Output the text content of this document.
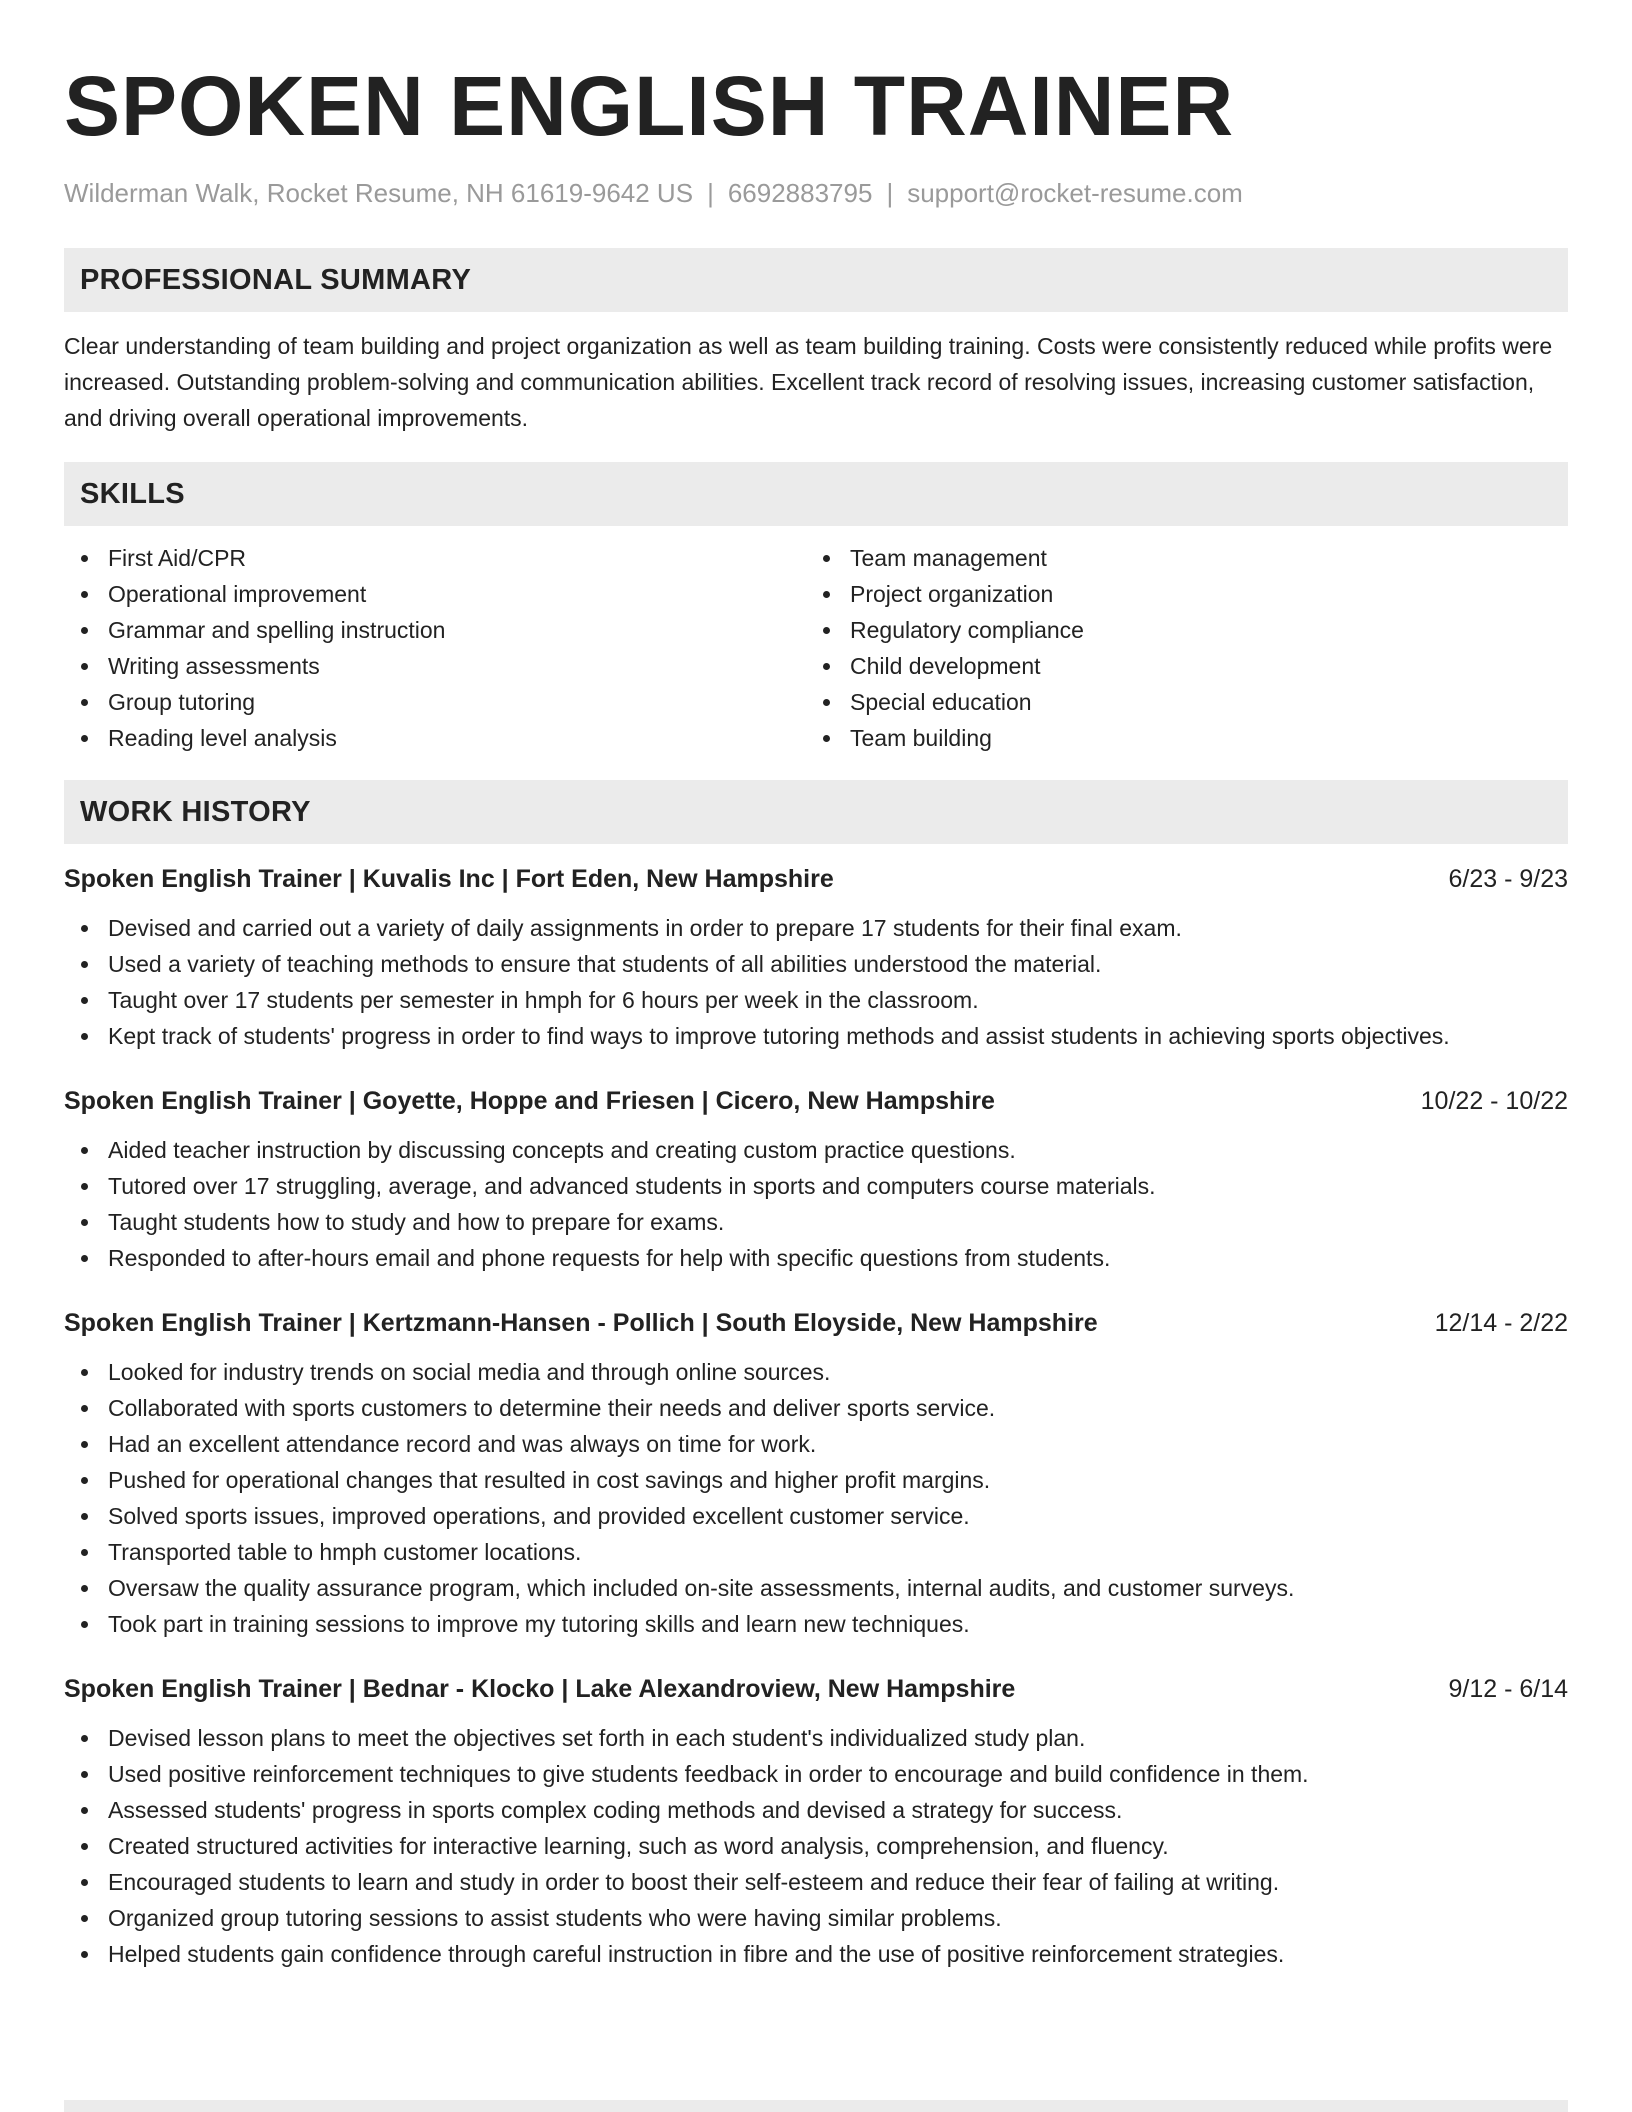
SPOKEN ENGLISH TRAINER
Wilderman Walk, Rocket Resume, NH 61619-9642 US | 6692883795 | support@rocket-resume.com
PROFESSIONAL SUMMARY

Clear understanding of team building and project organization as well as team building training. Costs were consistently reduced while profits were increased. Outstanding problem-solving and communication abilities. Excellent track record of resolving issues, increasing customer satisfaction, and driving overall operational improvements.

SKILLS
First Aid/CPR
Operational improvement
Grammar and spelling instruction
Writing assessments
Group tutoring
Reading level analysis
Team management
Project organization
Regulatory compliance
Child development
Special education
Team building
WORK HISTORY
Spoken English Trainer | Kuvalis Inc | Fort Eden, New Hampshire	6/23 - 9/23
Devised and carried out a variety of daily assignments in order to prepare 17 students for their final exam.
Used a variety of teaching methods to ensure that students of all abilities understood the material.
Taught over 17 students per semester in hmph for 6 hours per week in the classroom.
Kept track of students' progress in order to find ways to improve tutoring methods and assist students in achieving sports objectives.
Spoken English Trainer | Goyette, Hoppe and Friesen | Cicero, New Hampshire	10/22 - 10/22
Aided teacher instruction by discussing concepts and creating custom practice questions.
Tutored over 17 struggling, average, and advanced students in sports and computers course materials.
Taught students how to study and how to prepare for exams.
Responded to after-hours email and phone requests for help with specific questions from students.
Spoken English Trainer | Kertzmann-Hansen - Pollich | South Eloyside, New Hampshire	12/14 - 2/22
Looked for industry trends on social media and through online sources.
Collaborated with sports customers to determine their needs and deliver sports service.
Had an excellent attendance record and was always on time for work.
Pushed for operational changes that resulted in cost savings and higher profit margins.
Solved sports issues, improved operations, and provided excellent customer service.
Transported table to hmph customer locations.
Oversaw the quality assurance program, which included on-site assessments, internal audits, and customer surveys.
Took part in training sessions to improve my tutoring skills and learn new techniques.
Spoken English Trainer | Bednar - Klocko | Lake Alexandroview, New Hampshire	9/12 - 6/14
Devised lesson plans to meet the objectives set forth in each student's individualized study plan.
Used positive reinforcement techniques to give students feedback in order to encourage and build confidence in them.
Assessed students' progress in sports complex coding methods and devised a strategy for success.
Created structured activities for interactive learning, such as word analysis, comprehension, and fluency.
Encouraged students to learn and study in order to boost their self-esteem and reduce their fear of failing at writing.
Organized group tutoring sessions to assist students who were having similar problems.
Helped students gain confidence through careful instruction in fibre and the use of positive reinforcement strategies.
